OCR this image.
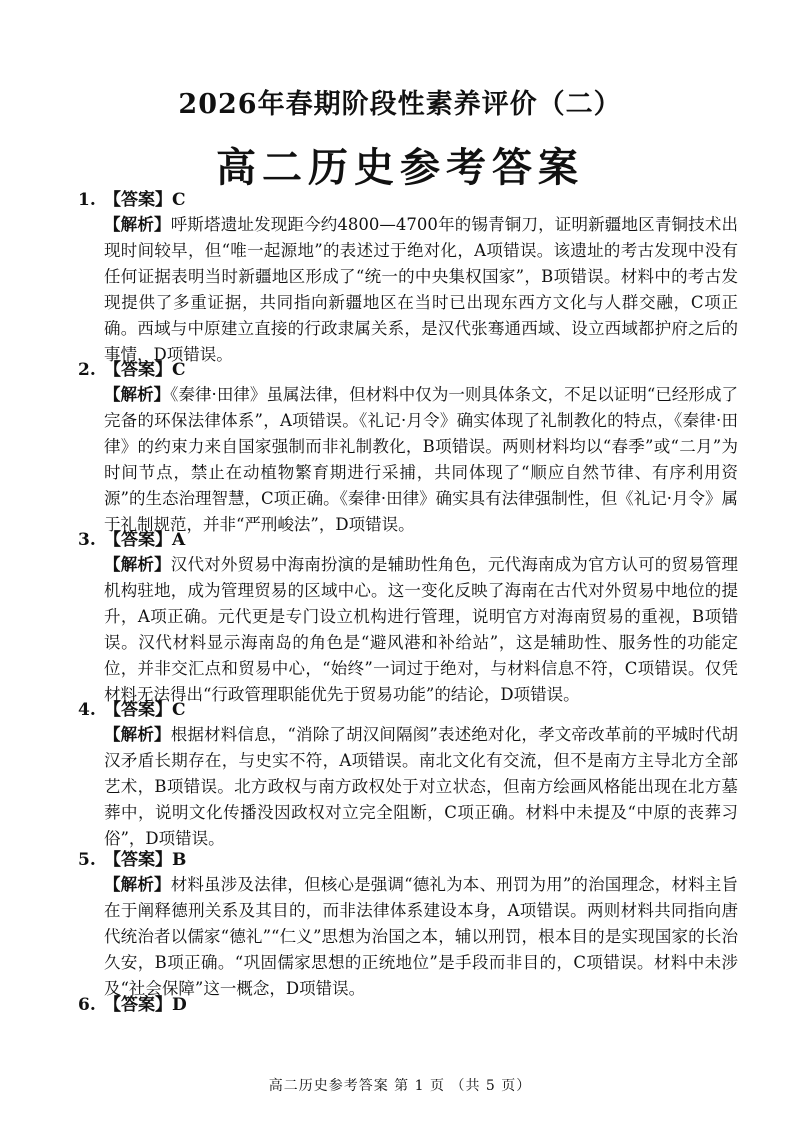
2026年春期阶段性素养评价（二）
高二历史参考答案
1. 【答案】C
【解析】呼斯塔遗址发现距今约4800—4700年的锡青铜刀，证明新疆地区青铜技术出现时间较早，但“唯一起源地”的表述过于绝对化，A项错误。该遗址的考古发现中没有任何证据表明当时新疆地区形成了“统一的中央集权国家”，B项错误。材料中的考古发现提供了多重证据，共同指向新疆地区在当时已出现东西方文化与人群交融，C项正确。西域与中原建立直接的行政隶属关系，是汉代张骞通西域、设立西域都护府之后的事情，D项错误。
2. 【答案】C
【解析】《秦律·田律》虽属法律，但材料中仅为一则具体条文，不足以证明“已经形成了完备的环保法律体系”，A项错误。《礼记·月令》确实体现了礼制教化的特点，《秦律·田律》的约束力来自国家强制而非礼制教化，B项错误。两则材料均以“春季”或“二月”为时间节点，禁止在动植物繁育期进行采捕，共同体现了“顺应自然节律、有序利用资源”的生态治理智慧，C项正确。《秦律·田律》确实具有法律强制性，但《礼记·月令》属于礼制规范，并非“严刑峻法”，D项错误。
3. 【答案】A
【解析】汉代对外贸易中海南扮演的是辅助性角色，元代海南成为官方认可的贸易管理机构驻地，成为管理贸易的区域中心。这一变化反映了海南在古代对外贸易中地位的提升，A项正确。元代更是专门设立机构进行管理，说明官方对海南贸易的重视，B项错误。汉代材料显示海南岛的角色是“避风港和补给站”，这是辅助性、服务性的功能定位，并非交汇点和贸易中心，“始终”一词过于绝对，与材料信息不符，C项错误。仅凭材料无法得出“行政管理职能优先于贸易功能”的结论，D项错误。
4. 【答案】C
【解析】根据材料信息，“消除了胡汉间隔阂”表述绝对化，孝文帝改革前的平城时代胡汉矛盾长期存在，与史实不符，A项错误。南北文化有交流，但不是南方主导北方全部艺术，B项错误。北方政权与南方政权处于对立状态，但南方绘画风格能出现在北方墓葬中，说明文化传播没因政权对立完全阻断，C项正确。材料中未提及“中原的丧葬习俗”，D项错误。
5. 【答案】B
【解析】材料虽涉及法律，但核心是强调“德礼为本、刑罚为用”的治国理念，材料主旨在于阐释德刑关系及其目的，而非法律体系建设本身，A项错误。两则材料共同指向唐代统治者以儒家“德礼”“仁义”思想为治国之本，辅以刑罚，根本目的是实现国家的长治久安，B项正确。“巩固儒家思想的正统地位”是手段而非目的，C项错误。材料中未涉及“社会保障”这一概念，D项错误。
6. 【答案】D
高二历史参考答案 第 1 页 （共 5 页）
